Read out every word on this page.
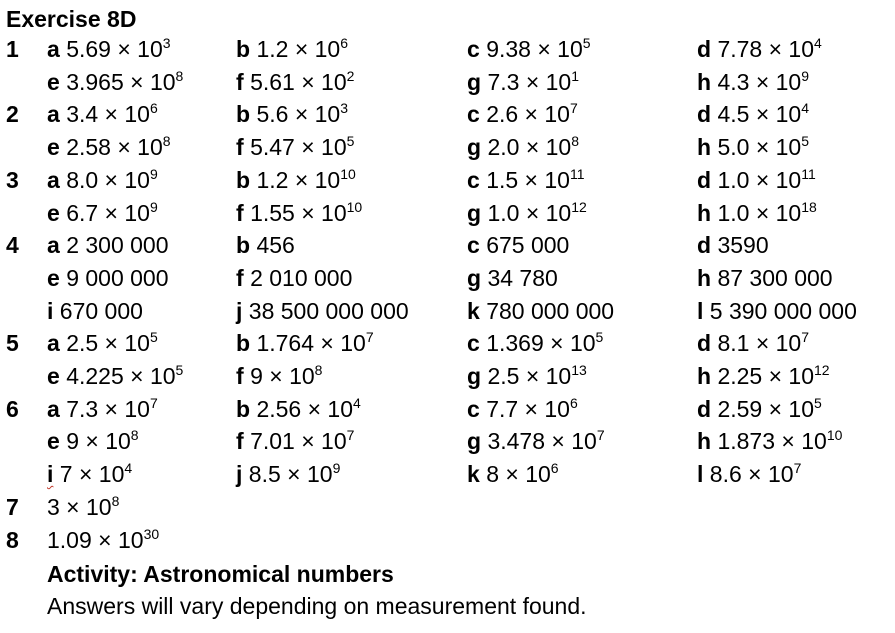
Exercise 8D
1 a $5.69 \times 10^3$	b $1.2 \times 10^6$	c $9.38 \times 10^5$	d $7.78 \times 10^4$
e $3.965 \times 10^8$ f $5.61 \times 10^2$	g $7.3 \times 10^1$	h $4.3 \times 10^9$
2 a $3.4 \times 10^6$	b $5.6 \times 10^3$	c $2.6 \times 10^7$	d $4.5 \times 10^4$
e $2.58 \times 10^8$	f $5.47 \times 10^5$	g $2.0 \times 10^8$	h $5.0 \times 10^5$
3 a $8.0 \times 10^9$	b $1.2 \times 10^{10}$	c $1.5 \times 10^{11}$	d $1.0 \times 10^{11}$
e $6.7 \times 10^9$	f $1.55 \times 10^{10}$	g $1.0 \times 10^{12}$	h $1.0 \times 10^{18}$
4 a 2 300 000	b 456	c 675 000	d 3590
e 9 000 000	f 2 010 000	g 34 780	h 87 300 000
i 670 000	j 38 500 000 000	k 780 000 000	l 5 390 000 000
5 a $2.5 \times 10^5$	b $1.764 \times 10^7$	c $1.369 \times 10^5$	d $8.1 \times 10^7$
e $4.225 \times 10^5$ f $9 \times 10^8$	g $2.5 \times 10^{13}$	h $2.25 \times 10^{12}$
6 a $7.3 \times 10^7$	b $2.56 \times 10^4$	c $7.7 \times 10^6$	d $2.59 \times 10^5$
e $9 \times 10^8$	f $7.01 \times 10^7$	g $3.478 \times 10^7$	h $1.873 \times 10^{10}$
i $7 \times 10^4$	j $8.5 \times 10^9$	k $8 \times 10^6$	l $8.6 \times 10^7$
7 $3 \times 10^8$
8 $1.09 \times 10^{30}$
Activity: Astronomical numbers
Answers will vary depending on measurement found.
